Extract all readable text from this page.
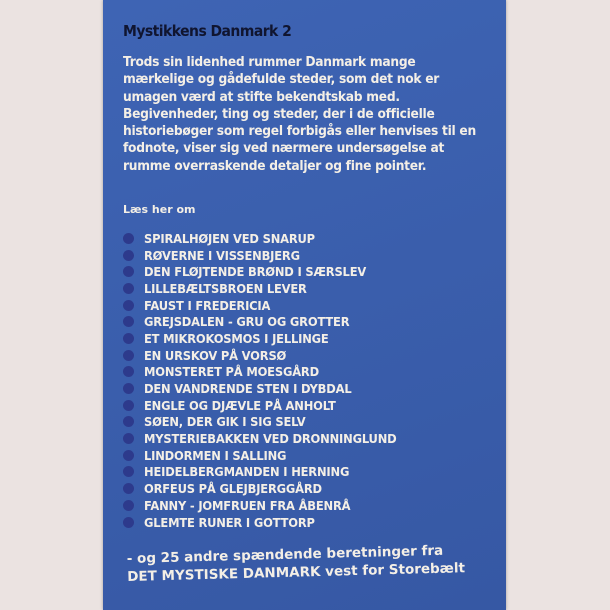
Mystikkens Danmark 2
Trods sin lidenhed rummer Danmark mange mærkelige og gådefulde steder, som det nok er umagen værd at stifte bekendtskab med. Begivenheder, ting og steder, der i de officielle historiebøger som regel forbigås eller henvises til en fodnote, viser sig ved nærmere undersøgelse at rumme overraskende detaljer og fine pointer.
Læs her om
SPIRALHØJEN VED SNARUP
RØVERNE I VISSENBJERG
DEN FLØJTENDE BRØND I SÆRSLEV
LILLEBÆLTSBROEN LEVER
FAUST I FREDERICIA
GREJSDALEN - GRU OG GROTTER
ET MIKROKOSMOS I JELLINGE
EN URSKOV PÅ VORSØ
MONSTERET PÅ MOESGÅRD
DEN VANDRENDE STEN I DYBDAL
ENGLE OG DJÆVLE PÅ ANHOLT
SØEN, DER GIK I SIG SELV
MYSTERIEBAKKEN VED DRONNINGLUND
LINDORMEN I SALLING
HEIDELBERGMANDEN I HERNING
ORFEUS PÅ GLEJBJERGGÅRD
FANNY - JOMFRUEN FRA ÅBENRÅ
GLEMTE RUNER I GOTTORP
- og 25 andre spændende beretninger fra
DET MYSTISKE DANMARK vest for Storebælt
